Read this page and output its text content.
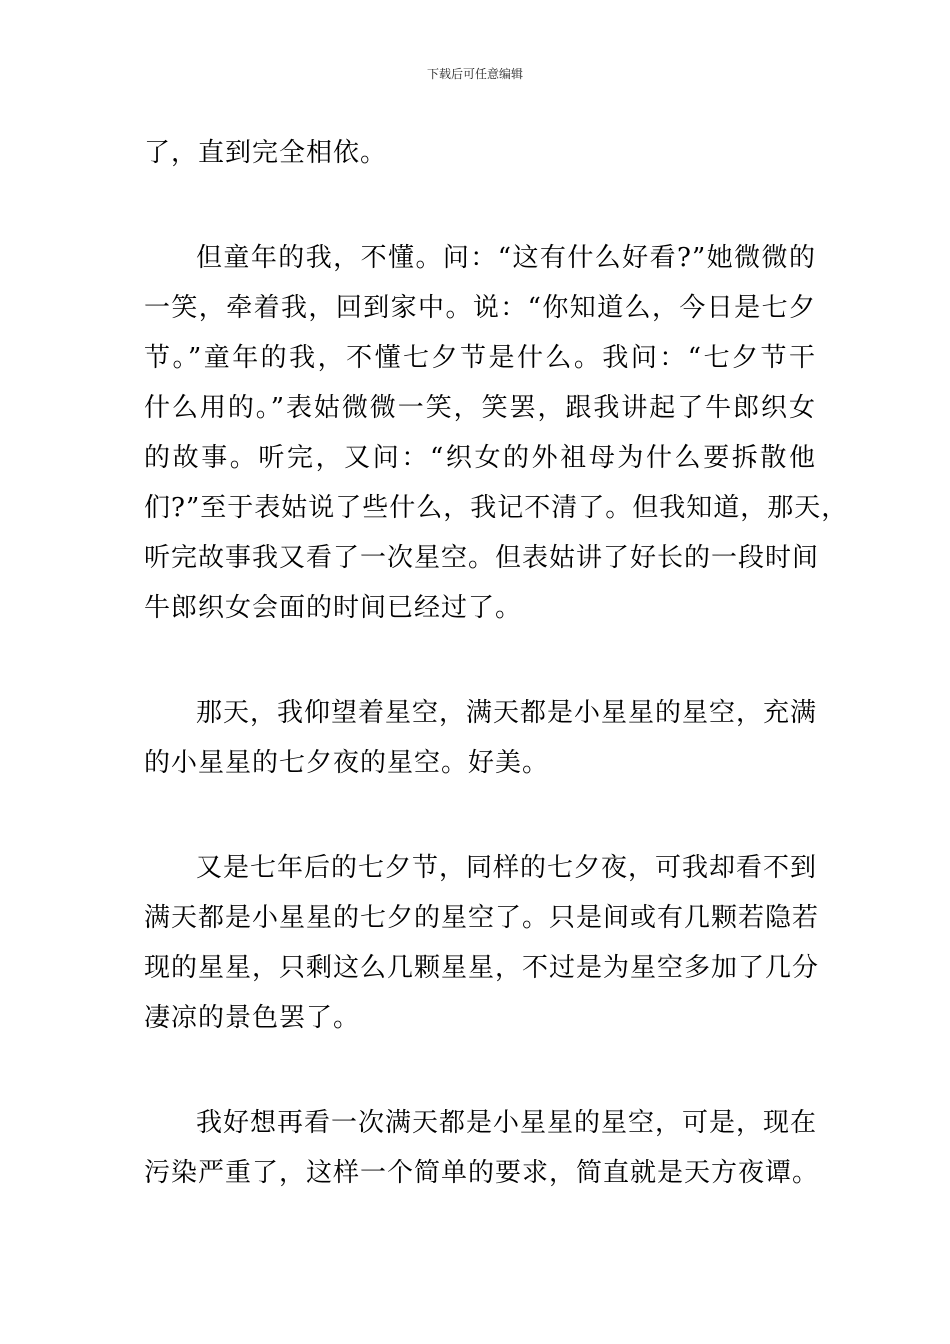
下载后可任意编辑
了，直到完全相依。
但童年的我，不懂。问：“这有什么好看?”她微微的
一笑，牵着我，回到家中。说：“你知道么，今日是七夕
节。”童年的我，不懂七夕节是什么。我问：“七夕节干
什么用的。”表姑微微一笑，笑罢，跟我讲起了牛郎织女
的故事。听完，又问：“织女的外祖母为什么要拆散他
们?”至于表姑说了些什么，我记不清了。但我知道，那天，
听完故事我又看了一次星空。但表姑讲了好长的一段时间
牛郎织女会面的时间已经过了。
那天，我仰望着星空，满天都是小星星的星空，充满
的小星星的七夕夜的星空。好美。
又是七年后的七夕节，同样的七夕夜，可我却看不到
满天都是小星星的七夕的星空了。只是间或有几颗若隐若
现的星星，只剩这么几颗星星，不过是为星空多加了几分
凄凉的景色罢了。
我好想再看一次满天都是小星星的星空，可是，现在
污染严重了，这样一个简单的要求，简直就是天方夜谭。
